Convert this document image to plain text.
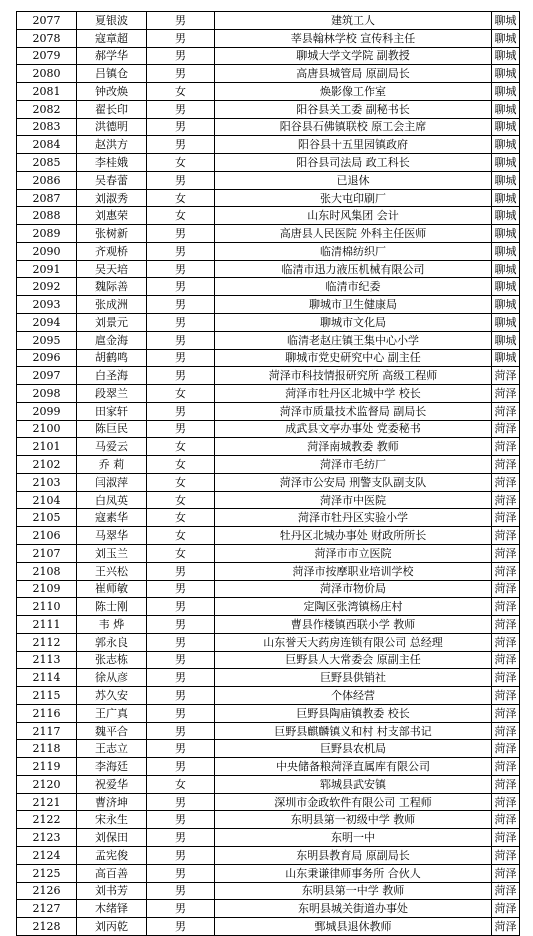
2077	夏银波	男	建筑工人	聊城
2078	寇章超	男	莘县翰林学校 宣传科主任	聊城
2079	郝学华	男	聊城大学文学院 副教授	聊城
2080	吕镇仓	男	高唐县城管局 原副局长	聊城
2081	钟改焕	女	焕影像工作室	聊城
2082	翟长印	男	阳谷县关工委 副秘书长	聊城
2083	洪德明	男	阳谷县石佛镇联校 原工会主席	聊城
2084	赵洪方	男	阳谷县十五里园镇政府	聊城
2085	李桂娥	女	阳谷县司法局 政工科长	聊城
2086	吴春蕾	男	已退休	聊城
2087	刘淑秀	女	张大屯印刷厂	聊城
2088	刘惠荣	女	山东时风集团 会计	聊城
2089	张树新	男	高唐县人民医院 外科主任医师	聊城
2090	齐观桥	男	临清棉纺织厂	聊城
2091	吴天培	男	临清市迅力液压机械有限公司	聊城
2092	魏际善	男	临清市纪委	聊城
2093	张成洲	男	聊城市卫生健康局	聊城
2094	刘景元	男	聊城市文化局	聊城
2095	扈金海	男	临清老赵庄镇王集中心小学	聊城
2096	胡鹤鸣	男	聊城市党史研究中心 副主任	聊城
2097	白圣海	男	菏泽市科技情报研究所 高级工程师	菏泽
2098	段翠兰	女	菏泽市牡丹区北城中学 校长	菏泽
2099	田家轩	男	菏泽市质量技术监督局 副局长	菏泽
2100	陈巨民	男	成武县文亭办事处 党委秘书	菏泽
2101	马爱云	女	菏泽南城教委 教师	菏泽
2102	乔 莉	女	菏泽市毛纺厂	菏泽
2103	闫淑萍	女	菏泽市公安局 刑警支队副支队	菏泽
2104	白凤英	女	菏泽市中医院	菏泽
2105	寇素华	女	菏泽市牡丹区实验小学	菏泽
2106	马翠华	女	牡丹区北城办事处 财政所所长	菏泽
2107	刘玉兰	女	菏泽市市立医院	菏泽
2108	王兴松	男	菏泽市按摩职业培训学校	菏泽
2109	崔师敏	男	菏泽市物价局	菏泽
2110	陈士刚	男	定陶区张湾镇杨庄村	菏泽
2111	韦 烨	男	曹县作楼镇西联小学 教师	菏泽
2112	郭永良	男	山东誉天大药房连锁有限公司 总经理	菏泽
2113	张志栋	男	巨野县人大常委会 原副主任	菏泽
2114	徐从彦	男	巨野县供销社	菏泽
2115	苏久安	男	个体经营	菏泽
2116	王广真	男	巨野县陶庙镇教委 校长	菏泽
2117	魏平合	男	巨野县麒麟镇义和村 村支部书记	菏泽
2118	王志立	男	巨野县农机局	菏泽
2119	李海廷	男	中央储备粮菏泽直属库有限公司	菏泽
2120	祝爱华	女	郓城县武安镇	菏泽
2121	曹济坤	男	深圳市金政软件有限公司 工程师	菏泽
2122	宋永生	男	东明县第一初级中学 教师	菏泽
2123	刘保田	男	东明一中	菏泽
2124	孟宪俊	男	东明县教育局 原副局长	菏泽
2125	高百善	男	山东秉谦律师事务所 合伙人	菏泽
2126	刘书芳	男	东明县第一中学 教师	菏泽
2127	木绪铎	男	东明县城关街道办事处	菏泽
2128	刘丙乾	男	鄄城县退休教师	菏泽
